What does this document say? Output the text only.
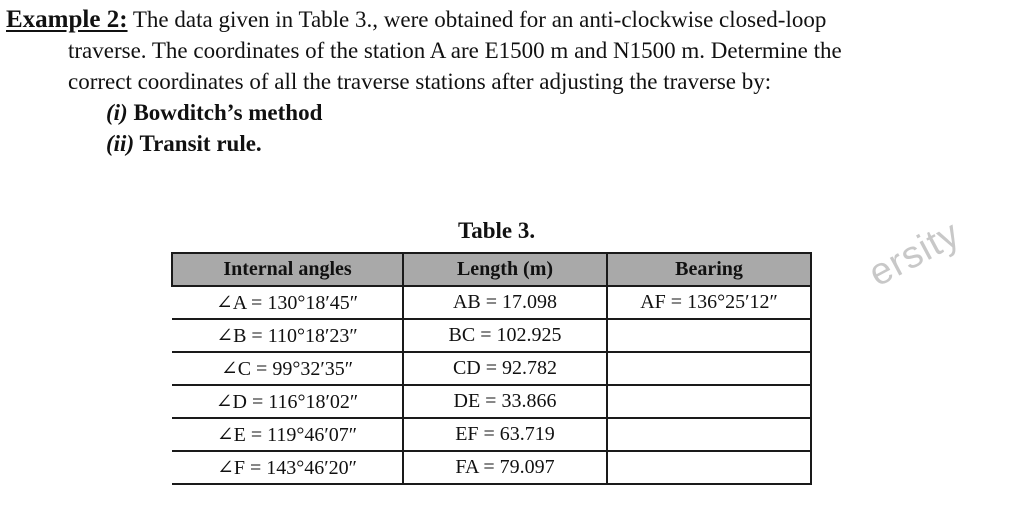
Example 2: The data given in Table 3., were obtained for an anti-clockwise closed-loop
traverse. The coordinates of the station A are E1500 m and N1500 m. Determine the
correct coordinates of all the traverse stations after adjusting the traverse by:
(i) Bowditch’s method
(ii) Transit rule.
Table 3.	ersity
Internal angles	Length (m)	Bearing
∠A = 130°18′45″	AB = 17.098	AF = 136°25′12″
∠B = 110°18′23″	BC = 102.925	
∠C = 99°32′35″	CD = 92.782	
∠D = 116°18′02″	DE = 33.866	
∠E = 119°46′07″	EF = 63.719	
∠F = 143°46′20″	FA = 79.097	
